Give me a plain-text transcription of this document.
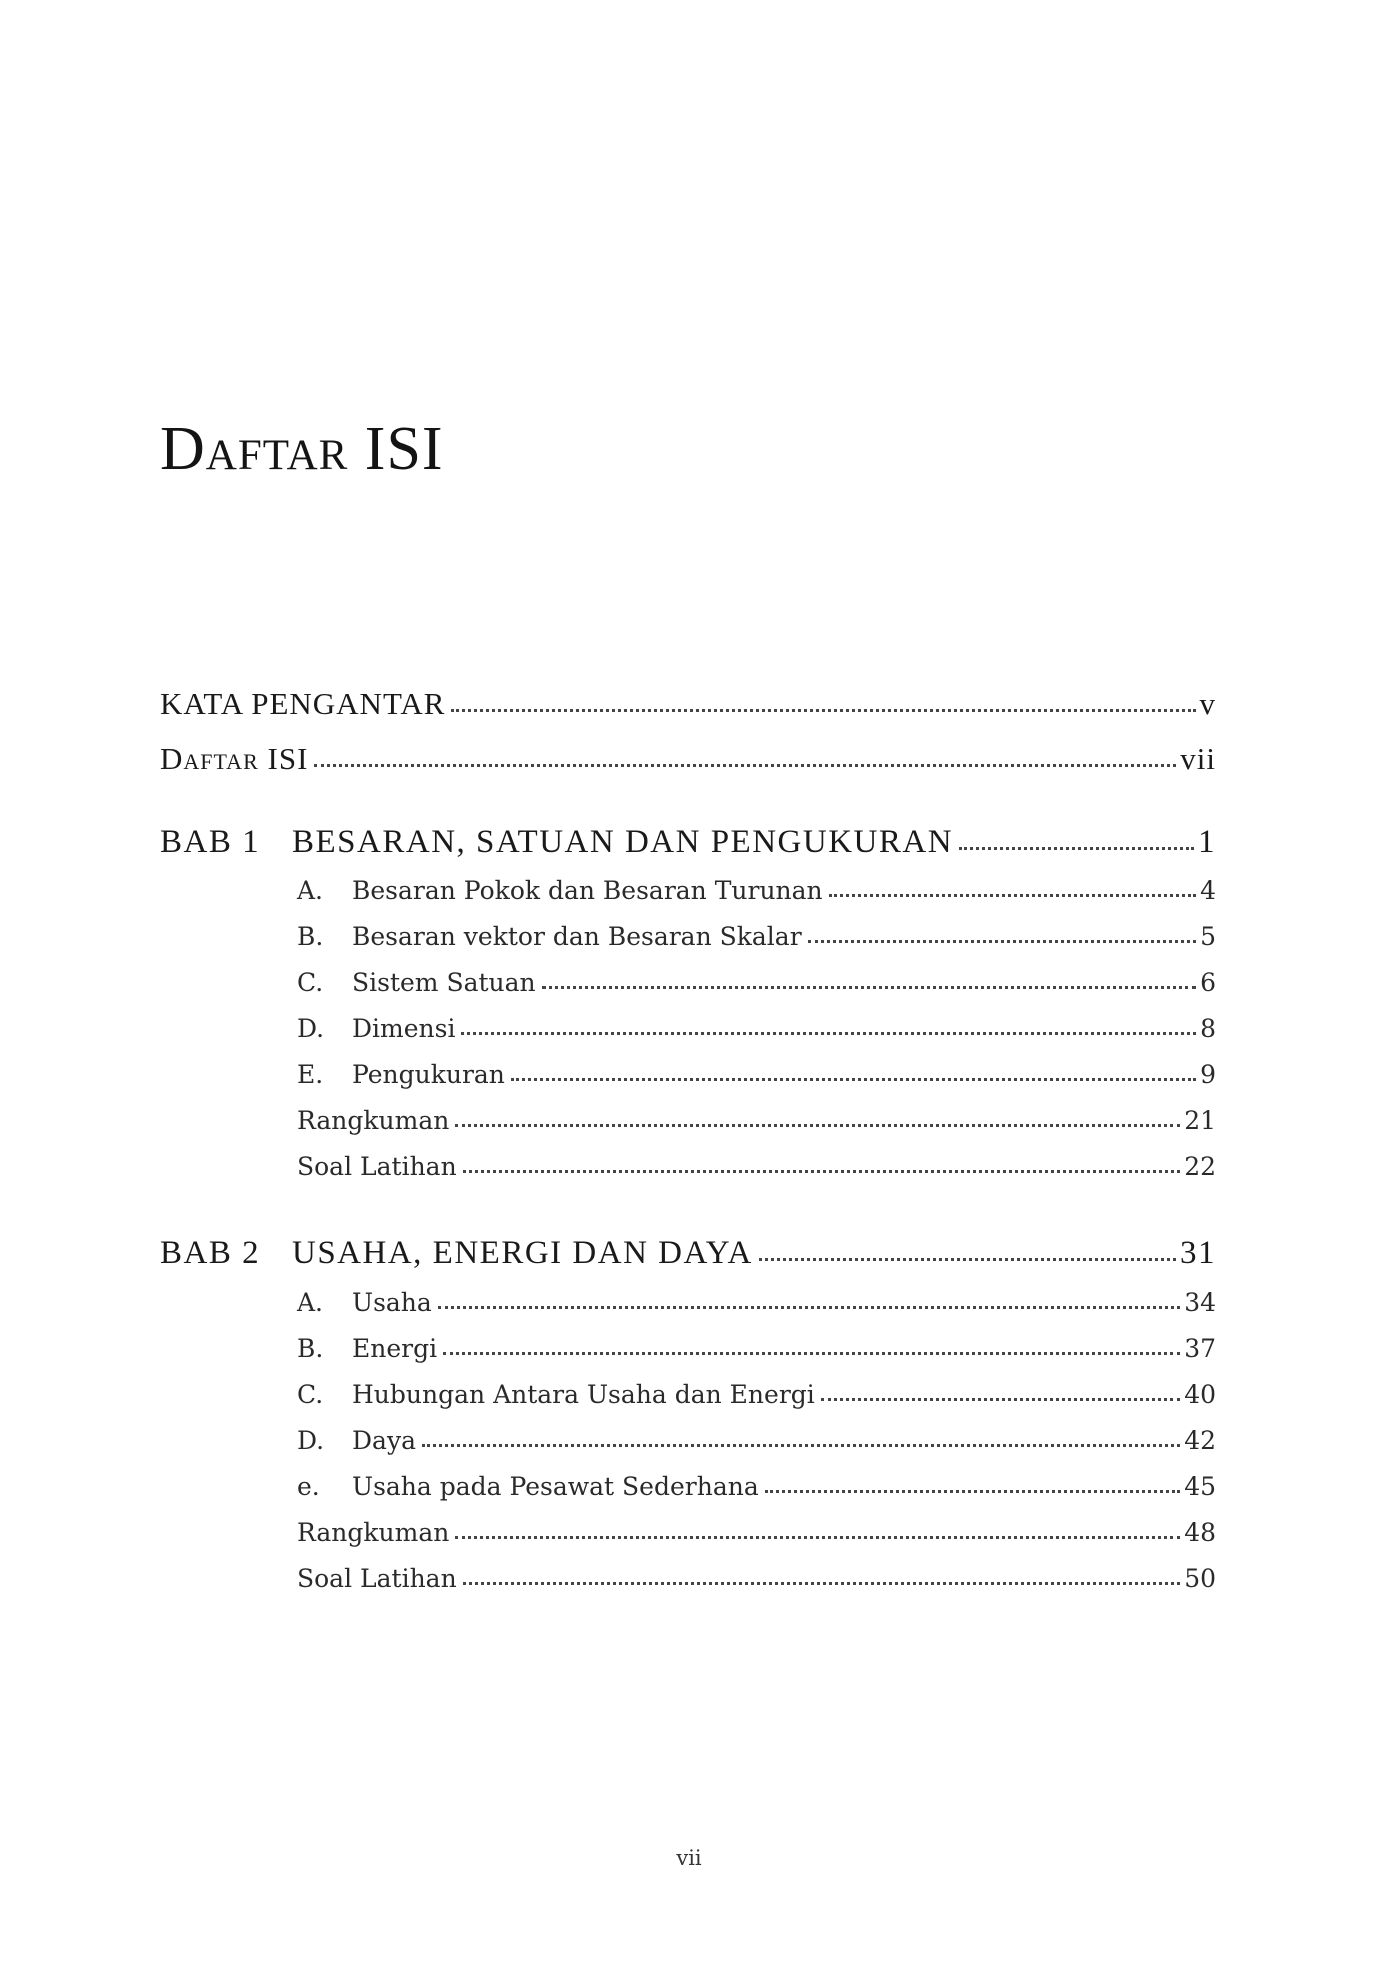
Daftar ISI
KATA PENGANTAR	v
Daftar ISI	vii
BAB 1 BESARAN, SATUAN DAN PENGUKURAN	1
A. Besaran Pokok dan Besaran Turunan	4
B. Besaran vektor dan Besaran Skalar	5
C. Sistem Satuan	6
D. Dimensi	8
E. Pengukuran	9
Rangkuman	21
Soal Latihan	22
BAB 2 USAHA, ENERGI DAN DAYA	31
A. Usaha	34
B. Energi	37
C. Hubungan Antara Usaha dan Energi	40
D. Daya	42
e. Usaha pada Pesawat Sederhana	45
Rangkuman	48
Soal Latihan	50
vii
